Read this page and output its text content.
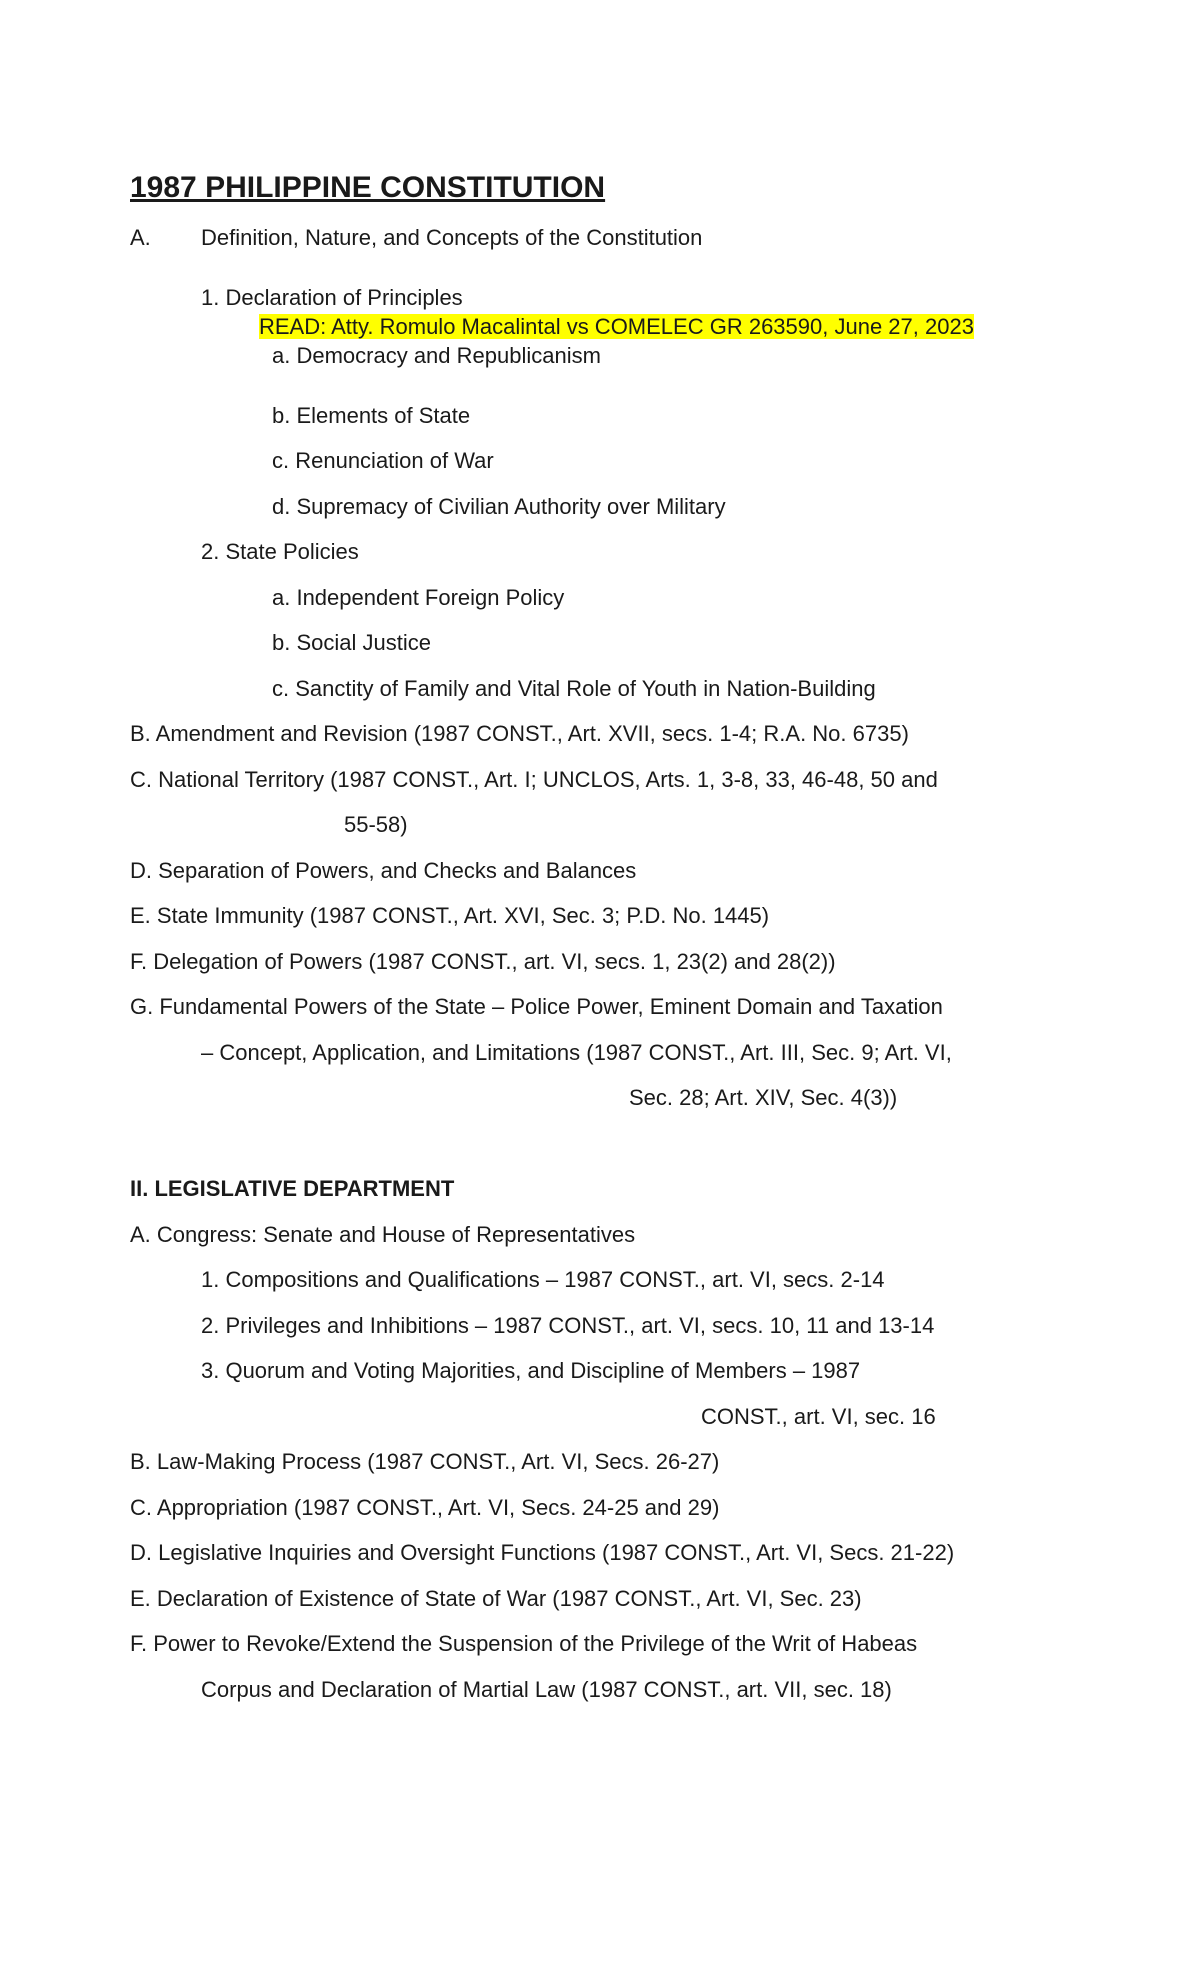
1987 PHILIPPINE CONSTITUTION
A. Definition, Nature, and Concepts of the Constitution
1. Declaration of Principles
READ: Atty. Romulo Macalintal vs COMELEC GR 263590, June 27, 2023
a. Democracy and Republicanism
b. Elements of State
c. Renunciation of War
d. Supremacy of Civilian Authority over Military
2. State Policies
a. Independent Foreign Policy
b. Social Justice
c. Sanctity of Family and Vital Role of Youth in Nation-Building
B. Amendment and Revision (1987 CONST., Art. XVII, secs. 1-4; R.A. No. 6735)
C. National Territory (1987 CONST., Art. I; UNCLOS, Arts. 1, 3-8, 33, 46-48, 50 and
55-58)
D. Separation of Powers, and Checks and Balances
E. State Immunity (1987 CONST., Art. XVI, Sec. 3; P.D. No. 1445)
F. Delegation of Powers (1987 CONST., art. VI, secs. 1, 23(2) and 28(2))
G. Fundamental Powers of the State – Police Power, Eminent Domain and Taxation
– Concept, Application, and Limitations (1987 CONST., Art. III, Sec. 9; Art. VI,
Sec. 28; Art. XIV, Sec. 4(3))
II. LEGISLATIVE DEPARTMENT
A. Congress: Senate and House of Representatives
1. Compositions and Qualifications – 1987 CONST., art. VI, secs. 2-14
2. Privileges and Inhibitions – 1987 CONST., art. VI, secs. 10, 11 and 13-14
3. Quorum and Voting Majorities, and Discipline of Members – 1987
CONST., art. VI, sec. 16
B. Law-Making Process (1987 CONST., Art. VI, Secs. 26-27)
C. Appropriation (1987 CONST., Art. VI, Secs. 24-25 and 29)
D. Legislative Inquiries and Oversight Functions (1987 CONST., Art. VI, Secs. 21-22)
E. Declaration of Existence of State of War (1987 CONST., Art. VI, Sec. 23)
F. Power to Revoke/Extend the Suspension of the Privilege of the Writ of Habeas
Corpus and Declaration of Martial Law (1987 CONST., art. VII, sec. 18)
